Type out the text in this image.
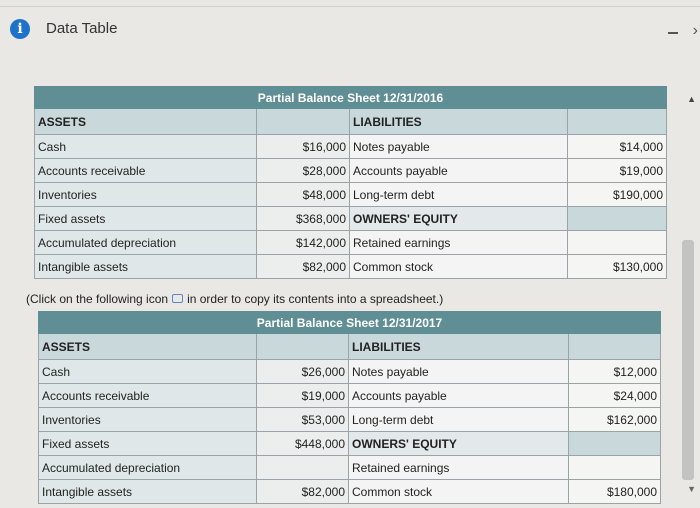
i	Data Table	›
Partial Balance Sheet 12/31/2016			
ASSETS		LIABILITIES	
Cash	$16,000	Notes payable	$14,000
Accounts receivable	$28,000	Accounts payable	$19,000
Inventories	$48,000	Long-term debt	$190,000
Fixed assets	$368,000	OWNERS' EQUITY	
Accumulated depreciation	$142,000	Retained earnings	
Intangible assets	$82,000	Common stock	$130,000
(Click on the following icon in order to copy its contents into a spreadsheet.)
Partial Balance Sheet 12/31/2017			
ASSETS		LIABILITIES	
Cash	$26,000	Notes payable	$12,000
Accounts receivable	$19,000	Accounts payable	$24,000
Inventories	$53,000	Long-term debt	$162,000
Fixed assets	$448,000	OWNERS' EQUITY	
Accumulated depreciation		Retained earnings	
Intangible assets	$82,000	Common stock	$180,000
▲
▼
